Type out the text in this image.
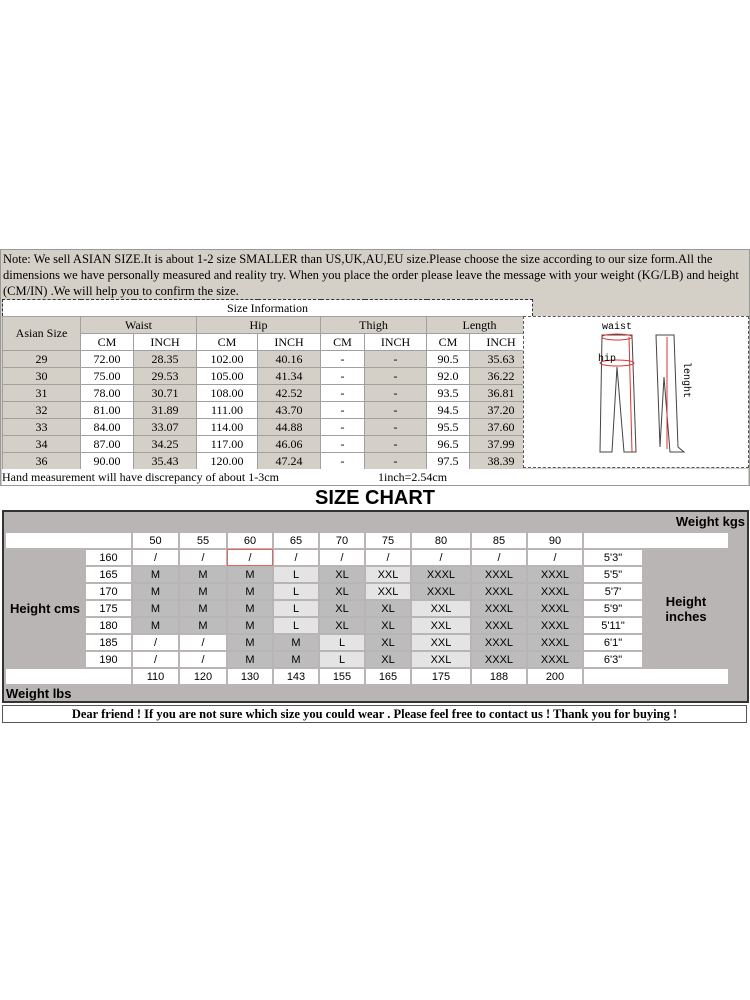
Note: We sell ASIAN SIZE.It is about 1-2 size SMALLER than US,UK,AU,EU size.Please choose the size according to our size form.All the dimensions we have personally measured and reality try. When you place the order please leave the message with your weight (KG/LB) and height (CM/IN) .We will help you to confirm the size.
Size Information								
Asian Size	Waist		Hip		Thigh		Length	
	CM	INCH	CM	INCH	CM	INCH	CM	INCH
29	72.00	28.35	102.00	40.16	-	-	90.5	35.63
30	75.00	29.53	105.00	41.34	-	-	92.0	36.22
31	78.00	30.71	108.00	42.52	-	-	93.5	36.81
32	81.00	31.89	111.00	43.70	-	-	94.5	37.20
33	84.00	33.07	114.00	44.88	-	-	95.5	37.60
34	87.00	34.25	117.00	46.06	-	-	96.5	37.99
36	90.00	35.43	120.00	47.24	-	-	97.5	38.39
waist
hip
lenght
Hand measurement will have discrepancy of about 1-3cm	1inch=2.54cm
SIZE CHART
Weight kgs
		50	55	60	65	70	75	80	85	90		
Height cms	160	/	/	/	/	/	/	/	/	/	5'3"	Height inches
	165	M	M	M	L	XL	XXL	XXXL	XXXL	XXXL	5'5"	
	170	M	M	M	L	XL	XXL	XXXL	XXXL	XXXL	5'7'	
	175	M	M	M	L	XL	XL	XXL	XXXL	XXXL	5'9"	
	180	M	M	M	L	XL	XL	XXL	XXXL	XXXL	5'11"	
	185	/	/	M	M	L	XL	XXL	XXXL	XXXL	6'1"	
	190	/	/	M	M	L	XL	XXL	XXXL	XXXL	6'3"	
		110	120	130	143	155	165	175	188	200		
Weight lbs
Dear friend ! If you are not sure which size you could wear . Please feel free to contact us ! Thank you for buying !
